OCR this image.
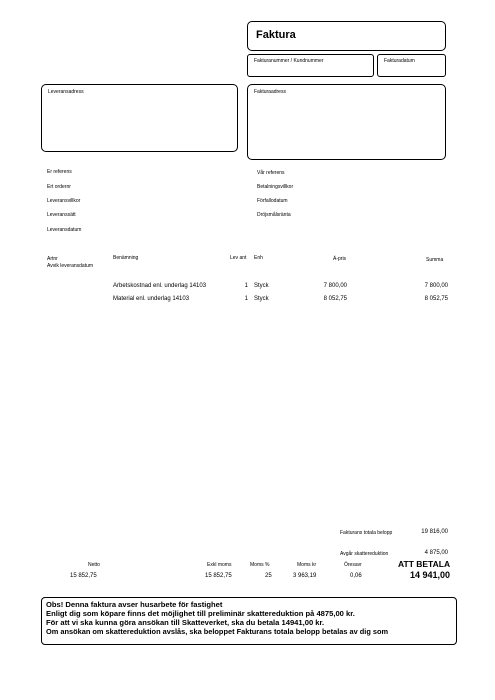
Faktura
Fakturanummer / Kundnummer	Fakturadatum
Leveransadress	Fakturaadress
Er referens
Ert ordernr
Leveransvillkor
Leveranssätt
Leveransdatum
Vår referens
Betalningsvillkor
Förfallodatum
Dröjsmålsränta
Artnr
Avvik leveransdatum
Benämning	Lev ant Enh	Á-pris	Summa
Arbetskostnad enl. underlag 14103	1 Styck	7 800,00	7 800,00
Material enl. underlag 14103	1 Styck	8 052,75	8 052,75
Fakturans totala belopp	19 816,00
Avgår skattereduktion	4 875,00
Netto	Exkl moms	Moms %	Moms kr	Öresavr	ATT BETALA
15 852,75	15 852,75	25	3 963,19	0,06	14 941,00
Obs! Denna faktura avser husarbete för fastighet
Enligt dig som köpare finns det möjlighet till preliminär skattereduktion på 4875,00 kr.
För att vi ska kunna göra ansökan till Skatteverket, ska du betala 14941,00 kr.
Om ansökan om skattereduktion avslås, ska beloppet Fakturans totala belopp betalas av dig som
